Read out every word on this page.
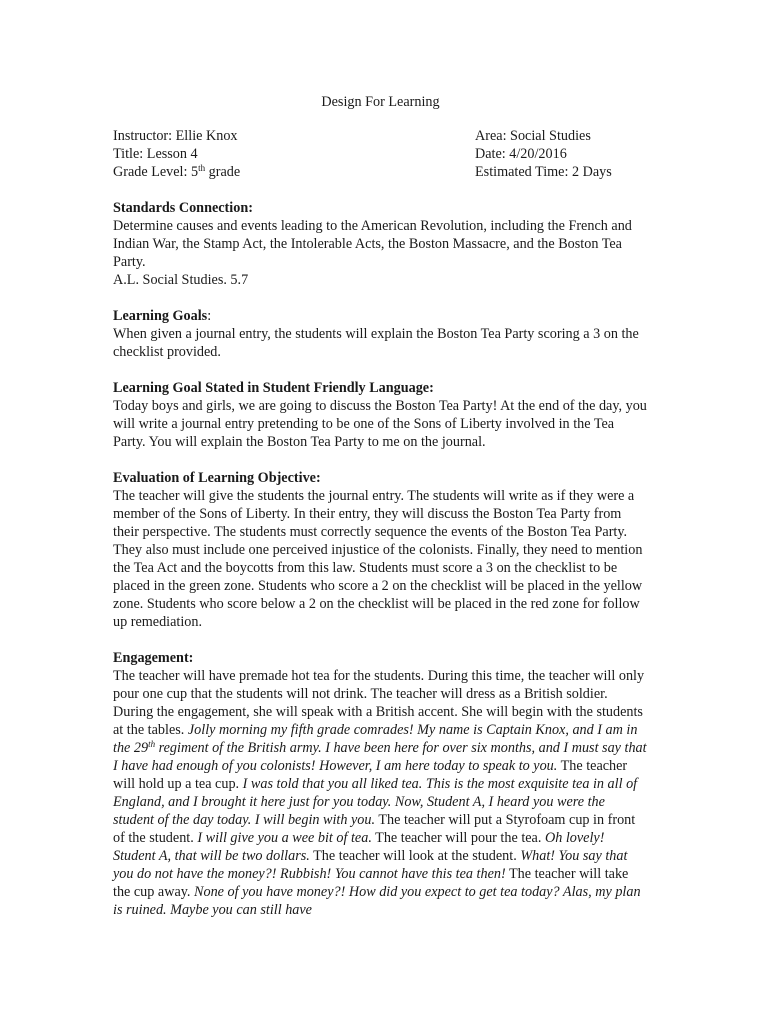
Design For Learning
Instructor: Ellie Knox	Area: Social Studies
Title: Lesson 4	Date: 4/20/2016
Grade Level: 5th grade	Estimated Time: 2 Days
Standards Connection:

Determine causes and events leading to the American Revolution, including the French and Indian War, the Stamp Act, the Intolerable Acts, the Boston Massacre, and the Boston Tea Party.

A.L. Social Studies. 5.7

Learning Goals:

When given a journal entry, the students will explain the Boston Tea Party scoring a 3 on the checklist provided.

Learning Goal Stated in Student Friendly Language:

Today boys and girls, we are going to discuss the Boston Tea Party! At the end of the day, you will write a journal entry pretending to be one of the Sons of Liberty involved in the Tea Party. You will explain the Boston Tea Party to me on the journal.

Evaluation of Learning Objective:

The teacher will give the students the journal entry. The students will write as if they were a member of the Sons of Liberty. In their entry, they will discuss the Boston Tea Party from their perspective. The students must correctly sequence the events of the Boston Tea Party. They also must include one perceived injustice of the colonists. Finally, they need to mention the Tea Act and the boycotts from this law. Students must score a 3 on the checklist to be placed in the green zone. Students who score a 2 on the checklist will be placed in the yellow zone. Students who score below a 2 on the checklist will be placed in the red zone for follow up remediation.

Engagement:

The teacher will have premade hot tea for the students. During this time, the teacher will only pour one cup that the students will not drink. The teacher will dress as a British soldier. During the engagement, she will speak with a British accent. She will begin with the students at the tables. Jolly morning my fifth grade comrades! My name is Captain Knox, and I am in the 29th regiment of the British army. I have been here for over six months, and I must say that I have had enough of you colonists! However, I am here today to speak to you. The teacher will hold up a tea cup. I was told that you all liked tea. This is the most exquisite tea in all of England, and I brought it here just for you today. Now, Student A, I heard you were the student of the day today. I will begin with you. The teacher will put a Styrofoam cup in front of the student. I will give you a wee bit of tea. The teacher will pour the tea. Oh lovely! Student A, that will be two dollars. The teacher will look at the student. What! You say that you do not have the money?! Rubbish! You cannot have this tea then! The teacher will take the cup away. None of you have money?! How did you expect to get tea today? Alas, my plan is ruined. Maybe you can still have
